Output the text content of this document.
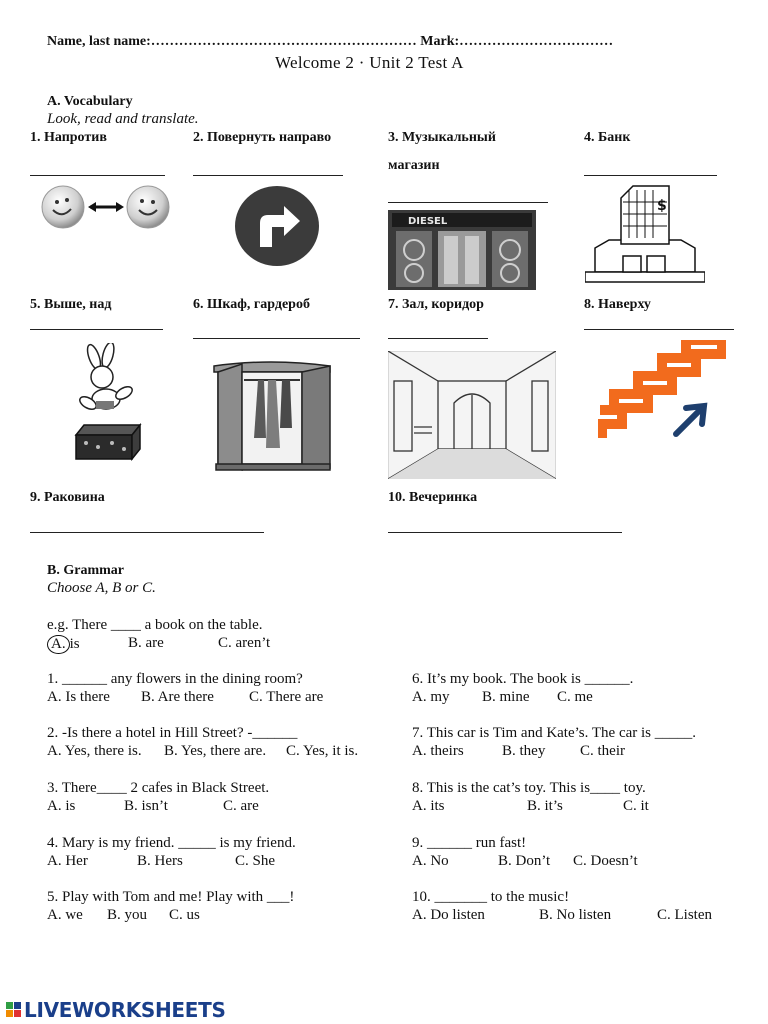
Name, last name:………………………………………………… Mark:……………………………
Welcome 2 · Unit 2 Test A
A. Vocabulary
Look, read and translate.
1. Напротив	2. Повернуть направо	3. Музыкальный
магазин
4. Банк
DIESEL
$
5. Выше, над	6. Шкаф, гардероб	7. Зал, коридор	8. Наверху
9. Раковина	10. Вечеринка
B. Grammar
Choose A, B or C.
e.g. There ____ a book on the table.
A. is	B. are	C. aren’t
1. ______ any flowers in the dining room?
A. Is there B. Are there C. There are
2. -Is there a hotel in Hill Street? -______
A. Yes, there is. B. Yes, there are. C. Yes, it is.
3. There____ 2 cafes in Black Street.
A. is	B. isn’t	C. are
4. Mary is my friend. _____ is my friend.
A. Her	B. Hers	C. She
5. Play with Tom and me! Play with ___!
A. we B. you C. us
6. It’s my book. The book is ______.
A. my B. mine C. me
7. This car is Tim and Kate’s. The car is _____.
A. theirs	B. they C. their
8. This is the cat’s toy. This is____ toy.
A. its	B. it’s	C. it
9. ______ run fast!
A. No	B. Don’t C. Doesn’t
10. _______ to the music!
A. Do listen	B. No listen	C. Listen
LIVEWORKSHEETS
